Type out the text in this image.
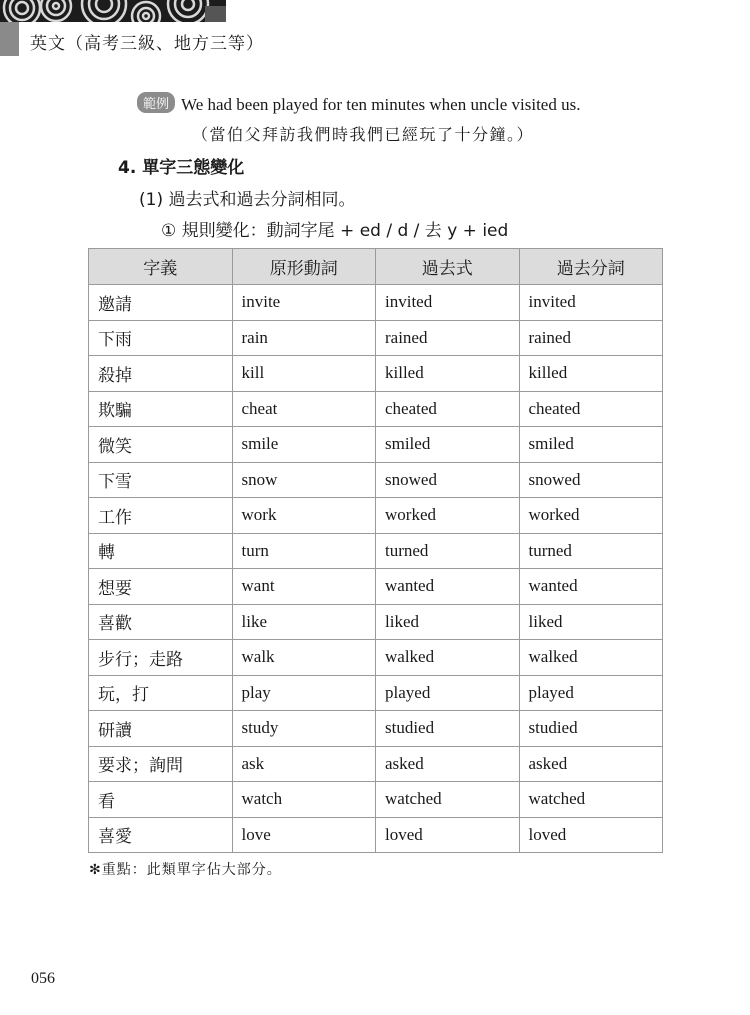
英文（高考三級、地方三等）
範例 We had been played for ten minutes when uncle visited us.
（當伯父拜訪我們時我們已經玩了十分鐘。）
4. 單字三態變化
(1) 過去式和過去分詞相同。
① 規則變化：動詞字尾 + ed / d / 去 y + ied
字義	原形動詞	過去式	過去分詞
邀請	invite	invited	invited
下雨	rain	rained	rained
殺掉	kill	killed	killed
欺騙	cheat	cheated	cheated
微笑	smile	smiled	smiled
下雪	snow	snowed	snowed
工作	work	worked	worked
轉	turn	turned	turned
想要	want	wanted	wanted
喜歡	like	liked	liked
步行；走路	walk	walked	walked
玩，打	play	played	played
研讀	study	studied	studied
要求；詢問	ask	asked	asked
看	watch	watched	watched
喜愛	love	loved	loved
✻重點：此類單字佔大部分。
056
